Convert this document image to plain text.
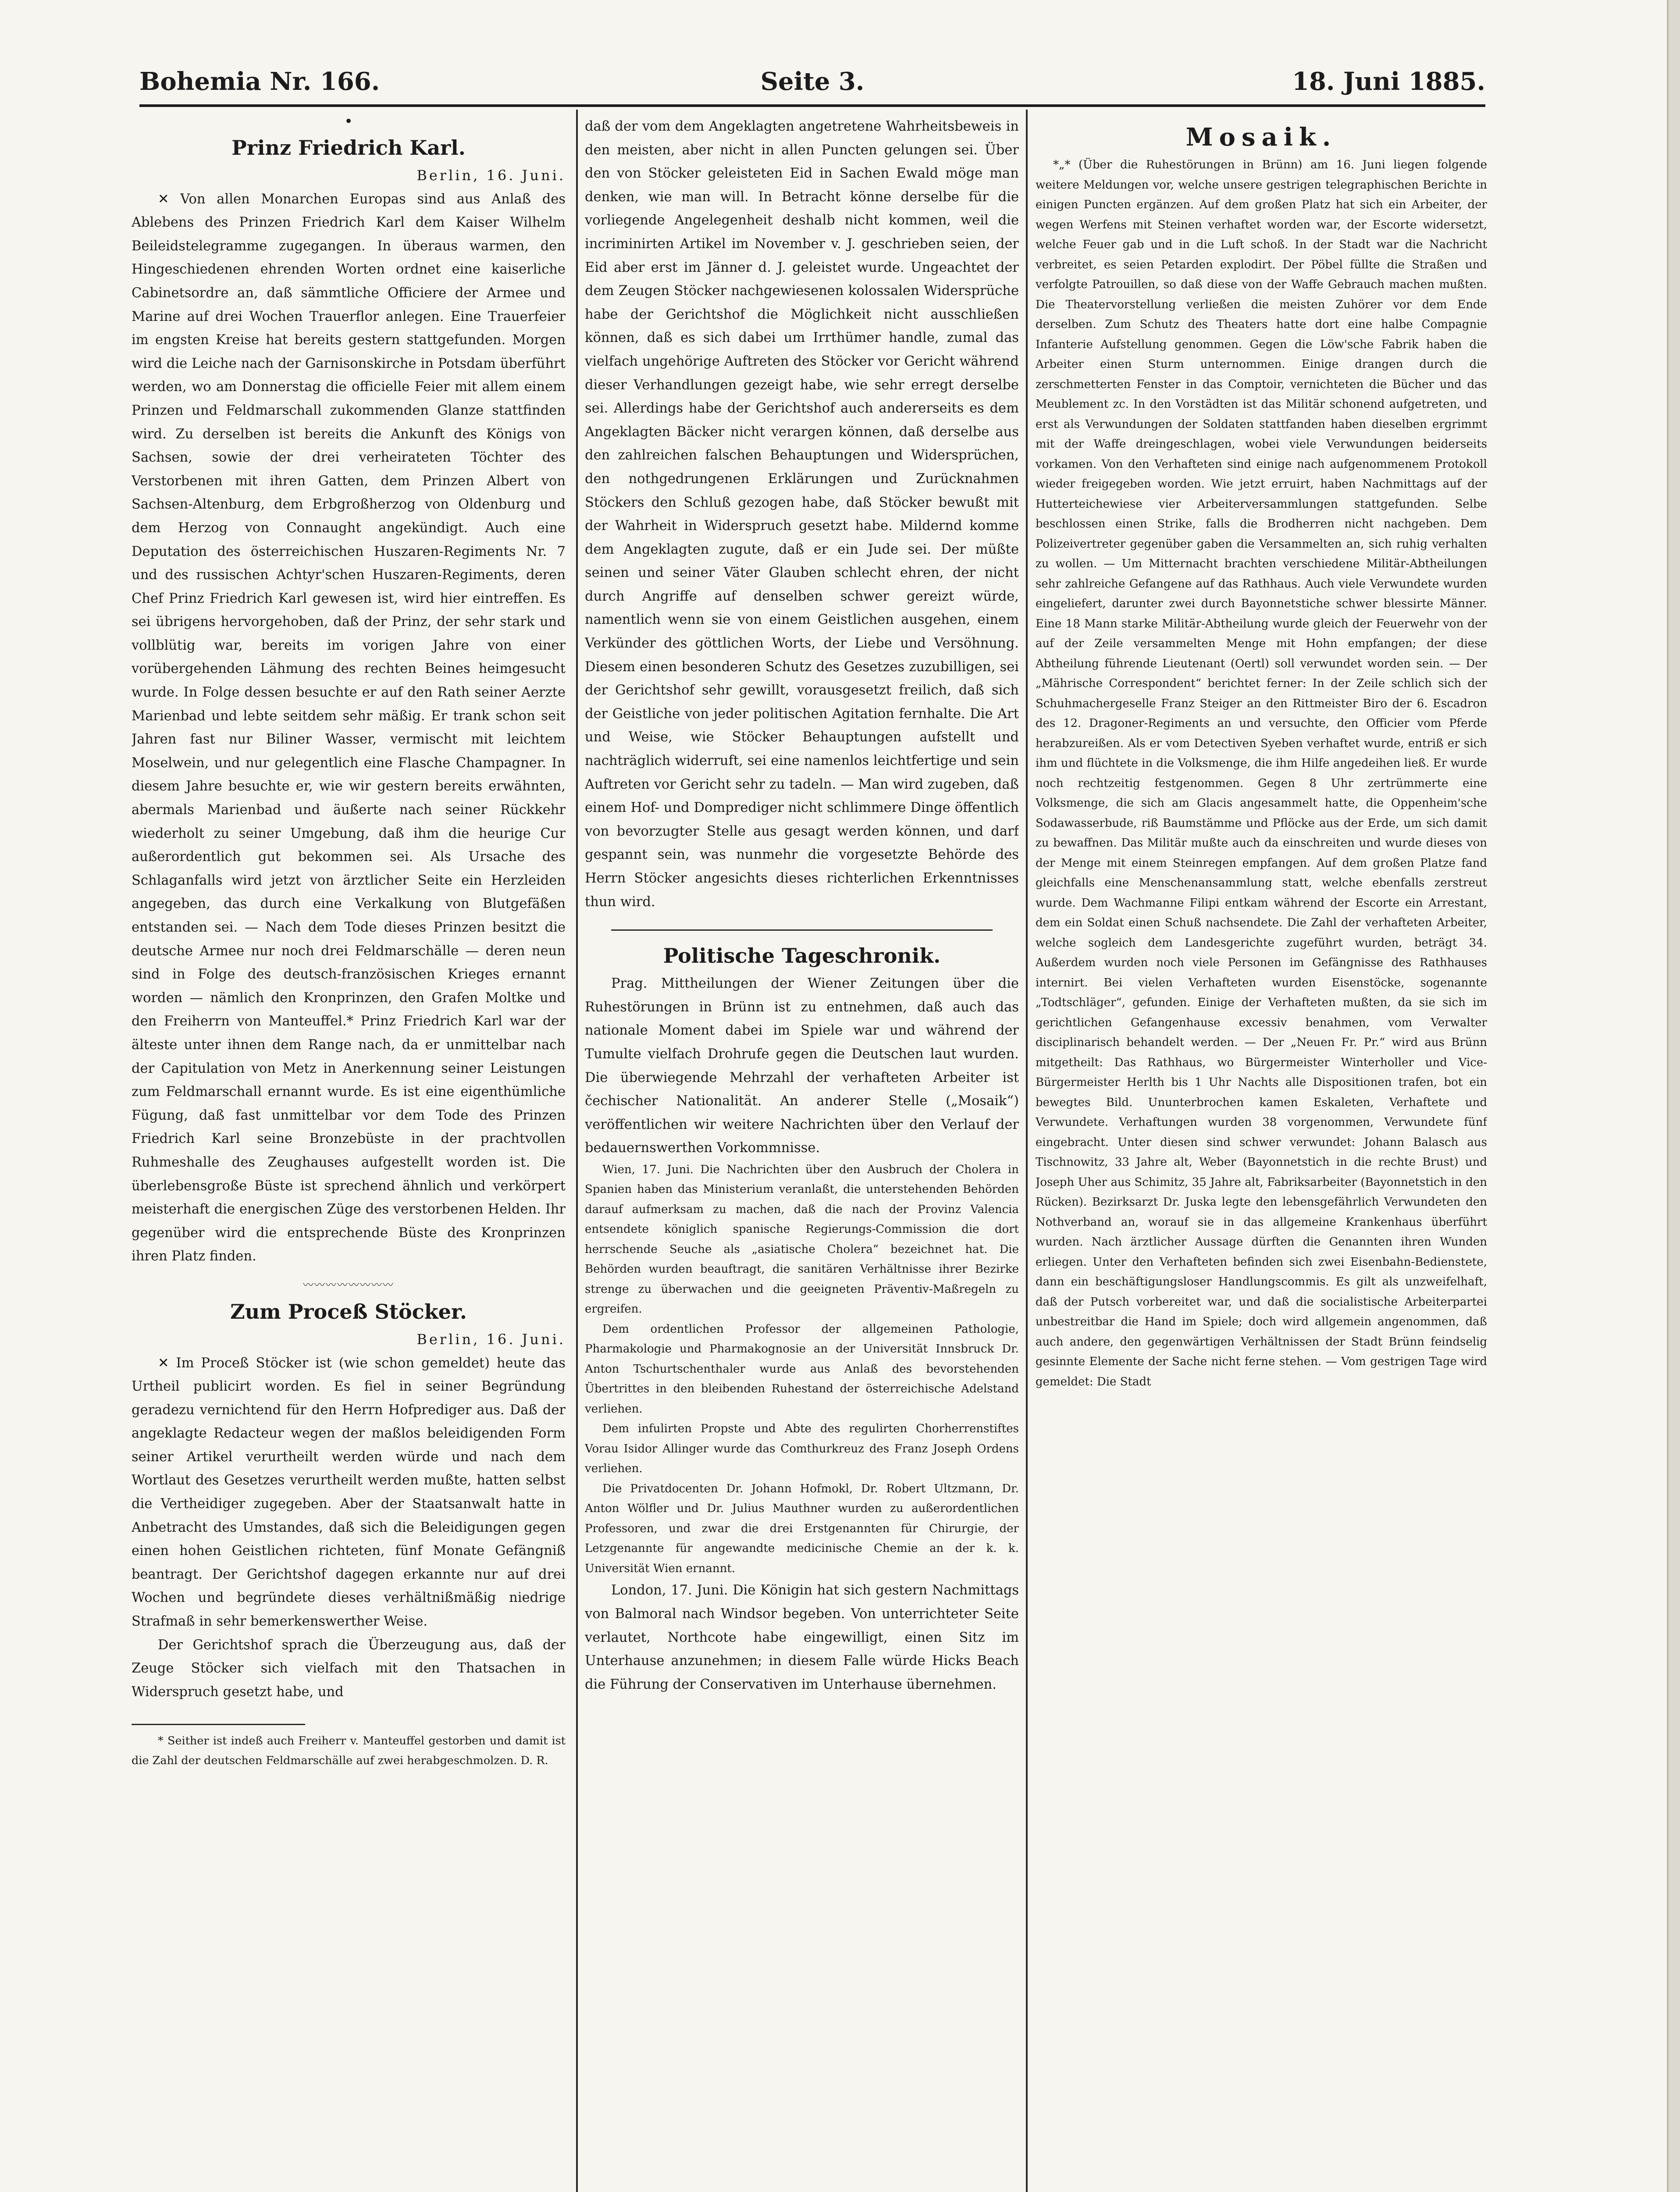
Bohemia Nr. 166.	Seite 3.	18. Juni 1885.
•
Prinz Friedrich Karl.
Berlin, 16. Juni.

✕ Von allen Monarchen Europas sind aus Anlaß des Ablebens des Prinzen Friedrich Karl dem Kaiser Wilhelm Beileidstelegramme zugegangen. In überaus warmen, den Hingeschiedenen ehrenden Worten ordnet eine kaiserliche Cabinetsordre an, daß sämmtliche Officiere der Armee und Marine auf drei Wochen Trauerflor anlegen. Eine Trauerfeier im engsten Kreise hat bereits gestern stattgefunden. Morgen wird die Leiche nach der Garnisonskirche in Potsdam überführt werden, wo am Donnerstag die officielle Feier mit allem einem Prinzen und Feldmarschall zukommenden Glanze stattfinden wird. Zu derselben ist bereits die Ankunft des Königs von Sachsen, sowie der drei verheirateten Töchter des Verstorbenen mit ihren Gatten, dem Prinzen Albert von Sachsen-Altenburg, dem Erbgroßherzog von Oldenburg und dem Herzog von Connaught angekündigt. Auch eine Deputation des österreichischen Huszaren-Regiments Nr. 7 und des russischen Achtyr'schen Huszaren-Regiments, deren Chef Prinz Friedrich Karl gewesen ist, wird hier eintreffen. Es sei übrigens hervorgehoben, daß der Prinz, der sehr stark und vollblütig war, bereits im vorigen Jahre von einer vorübergehenden Lähmung des rechten Beines heimgesucht wurde. In Folge dessen besuchte er auf den Rath seiner Aerzte Marienbad und lebte seitdem sehr mäßig. Er trank schon seit Jahren fast nur Biliner Wasser, vermischt mit leichtem Moselwein, und nur gelegentlich eine Flasche Champagner. In diesem Jahre besuchte er, wie wir gestern bereits erwähnten, abermals Marienbad und äußerte nach seiner Rückkehr wiederholt zu seiner Umgebung, daß ihm die heurige Cur außerordentlich gut bekommen sei. Als Ursache des Schlaganfalls wird jetzt von ärztlicher Seite ein Herzleiden angegeben, das durch eine Verkalkung von Blutgefäßen entstanden sei. — Nach dem Tode dieses Prinzen besitzt die deutsche Armee nur noch drei Feldmarschälle — deren neun sind in Folge des deutsch-französischen Krieges ernannt worden — nämlich den Kronprinzen, den Grafen Moltke und den Freiherrn von Manteuffel.* Prinz Friedrich Karl war der älteste unter ihnen dem Range nach, da er unmittelbar nach der Capitulation von Metz in Anerkennung seiner Leistungen zum Feldmarschall ernannt wurde. Es ist eine eigenthümliche Fügung, daß fast unmittelbar vor dem Tode des Prinzen Friedrich Karl seine Bronzebüste in der prachtvollen Ruhmeshalle des Zeughauses aufgestellt worden ist. Die überlebensgroße Büste ist sprechend ähnlich und verkörpert meisterhaft die energischen Züge des verstorbenen Helden. Ihr gegenüber wird die entsprechende Büste des Kronprinzen ihren Platz finden.

〰〰〰〰〰〰〰〰
Zum Proceß Stöcker.
Berlin, 16. Juni.

✕ Im Proceß Stöcker ist (wie schon gemeldet) heute das Urtheil publicirt worden. Es fiel in seiner Begründung geradezu vernichtend für den Herrn Hofprediger aus. Daß der angeklagte Redacteur wegen der maßlos beleidigenden Form seiner Artikel verurtheilt werden würde und nach dem Wortlaut des Gesetzes verurtheilt werden mußte, hatten selbst die Vertheidiger zugegeben. Aber der Staatsanwalt hatte in Anbetracht des Umstandes, daß sich die Beleidigungen gegen einen hohen Geistlichen richteten, fünf Monate Gefängniß beantragt. Der Gerichtshof dagegen erkannte nur auf drei Wochen und begründete dieses verhältnißmäßig niedrige Strafmaß in sehr bemerkenswerther Weise.

Der Gerichtshof sprach die Überzeugung aus, daß der Zeuge Stöcker sich vielfach mit den Thatsachen in Widerspruch gesetzt habe, und

* Seither ist indeß auch Freiherr v. Manteuffel gestorben und damit ist die Zahl der deutschen Feldmarschälle auf zwei herabgeschmolzen. D. R.

daß der vom dem Angeklagten angetretene Wahrheitsbeweis in den meisten, aber nicht in allen Puncten gelungen sei. Über den von Stöcker geleisteten Eid in Sachen Ewald möge man denken, wie man will. In Betracht könne derselbe für die vorliegende Angelegenheit deshalb nicht kommen, weil die incriminirten Artikel im November v. J. geschrieben seien, der Eid aber erst im Jänner d. J. geleistet wurde. Ungeachtet der dem Zeugen Stöcker nachgewiesenen kolossalen Widersprüche habe der Gerichtshof die Möglichkeit nicht ausschließen können, daß es sich dabei um Irrthümer handle, zumal das vielfach ungehörige Auftreten des Stöcker vor Gericht während dieser Verhandlungen gezeigt habe, wie sehr erregt derselbe sei. Allerdings habe der Gerichtshof auch andererseits es dem Angeklagten Bäcker nicht verargen können, daß derselbe aus den zahlreichen falschen Behauptungen und Widersprüchen, den nothgedrungenen Erklärungen und Zurücknahmen Stöckers den Schluß gezogen habe, daß Stöcker bewußt mit der Wahrheit in Widerspruch gesetzt habe. Mildernd komme dem Angeklagten zugute, daß er ein Jude sei. Der müßte seinen und seiner Väter Glauben schlecht ehren, der nicht durch Angriffe auf denselben schwer gereizt würde, namentlich wenn sie von einem Geistlichen ausgehen, einem Verkünder des göttlichen Worts, der Liebe und Versöhnung. Diesem einen besonderen Schutz des Gesetzes zuzubilligen, sei der Gerichtshof sehr gewillt, vorausgesetzt freilich, daß sich der Geistliche von jeder politischen Agitation fernhalte. Die Art und Weise, wie Stöcker Behauptungen aufstellt und nachträglich widerruft, sei eine namenlos leichtfertige und sein Auftreten vor Gericht sehr zu tadeln. — Man wird zugeben, daß einem Hof- und Domprediger nicht schlimmere Dinge öffentlich von bevorzugter Stelle aus gesagt werden können, und darf gespannt sein, was nunmehr die vorgesetzte Behörde des Herrn Stöcker angesichts dieses richterlichen Erkenntnisses thun wird.

Politische Tageschronik.

Prag. Mittheilungen der Wiener Zeitungen über die Ruhestörungen in Brünn ist zu entnehmen, daß auch das nationale Moment dabei im Spiele war und während der Tumulte vielfach Drohrufe gegen die Deutschen laut wurden. Die überwiegende Mehrzahl der verhafteten Arbeiter ist čechischer Nationalität. An anderer Stelle („Mosaik“) veröffentlichen wir weitere Nachrichten über den Verlauf der bedauernswerthen Vorkommnisse.

Wien, 17. Juni. Die Nachrichten über den Ausbruch der Cholera in Spanien haben das Ministerium veranlaßt, die unterstehenden Behörden darauf aufmerksam zu machen, daß die nach der Provinz Valencia entsendete königlich spanische Regierungs-Commission die dort herrschende Seuche als „asiatische Cholera“ bezeichnet hat. Die Behörden wurden beauftragt, die sanitären Verhältnisse ihrer Bezirke strenge zu überwachen und die geeigneten Präventiv-Maßregeln zu ergreifen.

Dem ordentlichen Professor der allgemeinen Pathologie, Pharmakologie und Pharmakognosie an der Universität Innsbruck Dr. Anton Tschurtschenthaler wurde aus Anlaß des bevorstehenden Übertrittes in den bleibenden Ruhestand der österreichische Adelstand verliehen.

Dem infulirten Propste und Abte des regulirten Chorherrenstiftes Vorau Isidor Allinger wurde das Comthurkreuz des Franz Joseph Ordens verliehen.

Die Privatdocenten Dr. Johann Hofmokl, Dr. Robert Ultzmann, Dr. Anton Wölfler und Dr. Julius Mauthner wurden zu außerordentlichen Professoren, und zwar die drei Erstgenannten für Chirurgie, der Letzgenannte für angewandte medicinische Chemie an der k. k. Universität Wien ernannt.

London, 17. Juni. Die Königin hat sich gestern Nachmittags von Balmoral nach Windsor begeben. Von unterrichteter Seite verlautet, Northcote habe eingewilligt, einen Sitz im Unterhause anzunehmen; in diesem Falle würde Hicks Beach die Führung der Conservativen im Unterhause übernehmen.

Mosaik.

*„* (Über die Ruhestörungen in Brünn) am 16. Juni liegen folgende weitere Meldungen vor, welche unsere gestrigen telegraphischen Berichte in einigen Puncten ergänzen. Auf dem großen Platz hat sich ein Arbeiter, der wegen Werfens mit Steinen verhaftet worden war, der Escorte widersetzt, welche Feuer gab und in die Luft schoß. In der Stadt war die Nachricht verbreitet, es seien Petarden explodirt. Der Pöbel füllte die Straßen und verfolgte Patrouillen, so daß diese von der Waffe Gebrauch machen mußten. Die Theatervorstellung verließen die meisten Zuhörer vor dem Ende derselben. Zum Schutz des Theaters hatte dort eine halbe Compagnie Infanterie Aufstellung genommen. Gegen die Löw'sche Fabrik haben die Arbeiter einen Sturm unternommen. Einige drangen durch die zerschmetterten Fenster in das Comptoir, vernichteten die Bücher und das Meublement zc. In den Vorstädten ist das Militär schonend aufgetreten, und erst als Verwundungen der Soldaten stattfanden haben dieselben ergrimmt mit der Waffe dreingeschlagen, wobei viele Verwundungen beiderseits vorkamen. Von den Verhafteten sind einige nach aufgenommenem Protokoll wieder freigegeben worden. Wie jetzt erruirt, haben Nachmittags auf der Hutterteichewiese vier Arbeiterversammlungen stattgefunden. Selbe beschlossen einen Strike, falls die Brodherren nicht nachgeben. Dem Polizeivertreter gegenüber gaben die Versammelten an, sich ruhig verhalten zu wollen. — Um Mitternacht brachten verschiedene Militär-Abtheilungen sehr zahlreiche Gefangene auf das Rathhaus. Auch viele Verwundete wurden eingeliefert, darunter zwei durch Bayonnetstiche schwer blessirte Männer. Eine 18 Mann starke Militär-Abtheilung wurde gleich der Feuerwehr von der auf der Zeile versammelten Menge mit Hohn empfangen; der diese Abtheilung führende Lieutenant (Oertl) soll verwundet worden sein. — Der „Mährische Correspondent“ berichtet ferner: In der Zeile schlich sich der Schuhmachergeselle Franz Steiger an den Rittmeister Biro der 6. Escadron des 12. Dragoner-Regiments an und versuchte, den Officier vom Pferde herabzureißen. Als er vom Detectiven Syeben verhaftet wurde, entriß er sich ihm und flüchtete in die Volksmenge, die ihm Hilfe angedeihen ließ. Er wurde noch rechtzeitig festgenommen. Gegen 8 Uhr zertrümmerte eine Volksmenge, die sich am Glacis angesammelt hatte, die Oppenheim'sche Sodawasserbude, riß Baumstämme und Pflöcke aus der Erde, um sich damit zu bewaffnen. Das Militär mußte auch da einschreiten und wurde dieses von der Menge mit einem Steinregen empfangen. Auf dem großen Platze fand gleichfalls eine Menschenansammlung statt, welche ebenfalls zerstreut wurde. Dem Wachmanne Filipi entkam während der Escorte ein Arrestant, dem ein Soldat einen Schuß nachsendete. Die Zahl der verhafteten Arbeiter, welche sogleich dem Landesgerichte zugeführt wurden, beträgt 34. Außerdem wurden noch viele Personen im Gefängnisse des Rathhauses internirt. Bei vielen Verhafteten wurden Eisenstöcke, sogenannte „Todtschläger“, gefunden. Einige der Verhafteten mußten, da sie sich im gerichtlichen Gefangenhause excessiv benahmen, vom Verwalter disciplinarisch behandelt werden. — Der „Neuen Fr. Pr.“ wird aus Brünn mitgetheilt: Das Rathhaus, wo Bürgermeister Winterholler und Vice-Bürgermeister Herlth bis 1 Uhr Nachts alle Dispositionen trafen, bot ein bewegtes Bild. Ununterbrochen kamen Eskaleten, Verhaftete und Verwundete. Verhaftungen wurden 38 vorgenommen, Verwundete fünf eingebracht. Unter diesen sind schwer verwundet: Johann Balasch aus Tischnowitz, 33 Jahre alt, Weber (Bayonnetstich in die rechte Brust) und Joseph Uher aus Schimitz, 35 Jahre alt, Fabriksarbeiter (Bayonnetstich in den Rücken). Bezirksarzt Dr. Juska legte den lebensgefährlich Verwundeten den Nothverband an, worauf sie in das allgemeine Krankenhaus überführt wurden. Nach ärztlicher Aussage dürften die Genannten ihren Wunden erliegen. Unter den Verhafteten befinden sich zwei Eisenbahn-Bedienstete, dann ein beschäftigungsloser Handlungscommis. Es gilt als unzweifelhaft, daß der Putsch vorbereitet war, und daß die socialistische Arbeiterpartei unbestreitbar die Hand im Spiele; doch wird allgemein angenommen, daß auch andere, den gegenwärtigen Verhältnissen der Stadt Brünn feindselig gesinnte Elemente der Sache nicht ferne stehen. — Vom gestrigen Tage wird gemeldet: Die Stadt
